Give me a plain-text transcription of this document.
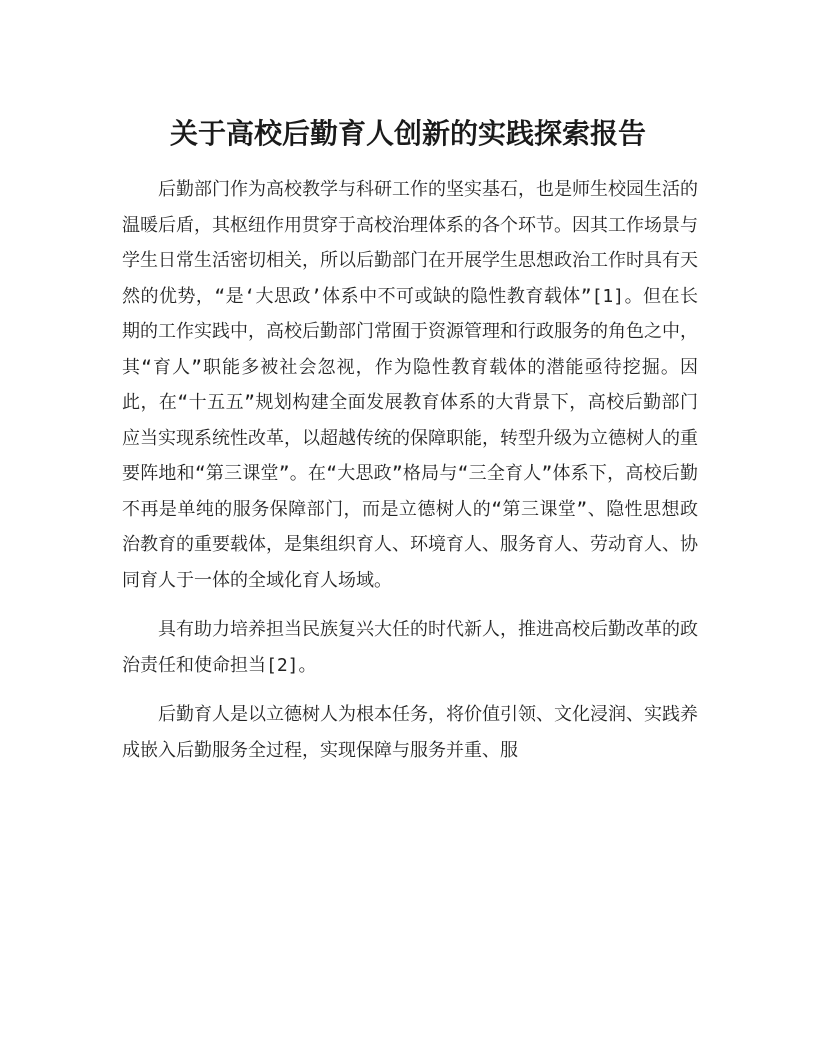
关于高校后勤育人创新的实践探索报告

后勤部门作为高校教学与科研工作的坚实基石，也是师生校园生活的温暖后盾，其枢纽作用贯穿于高校治理体系的各个环节。因其工作场景与学生日常生活密切相关，所以后勤部门在开展学生思想政治工作时具有天然的优势，“是‘大思政’体系中不可或缺的隐性教育载体”[1]。但在长期的工作实践中，高校后勤部门常囿于资源管理和行政服务的角色之中，其“育人”职能多被社会忽视，作为隐性教育载体的潜能亟待挖掘。因此，在“十五五”规划构建全面发展教育体系的大背景下，高校后勤部门应当实现系统性改革，以超越传统的保障职能，转型升级为立德树人的重要阵地和“第三课堂”。在“大思政”格局与“三全育人”体系下，高校后勤不再是单纯的服务保障部门，而是立德树人的“第三课堂”、隐性思想政治教育的重要载体，是集组织育人、环境育人、服务育人、劳动育人、协同育人于一体的全域化育人场域。

具有助力培养担当民族复兴大任的时代新人，推进高校后勤改革的政治责任和使命担当[2]。

后勤育人是以立德树人为根本任务，将价值引领、文化浸润、实践养成嵌入后勤服务全过程，实现保障与服务并重、服
